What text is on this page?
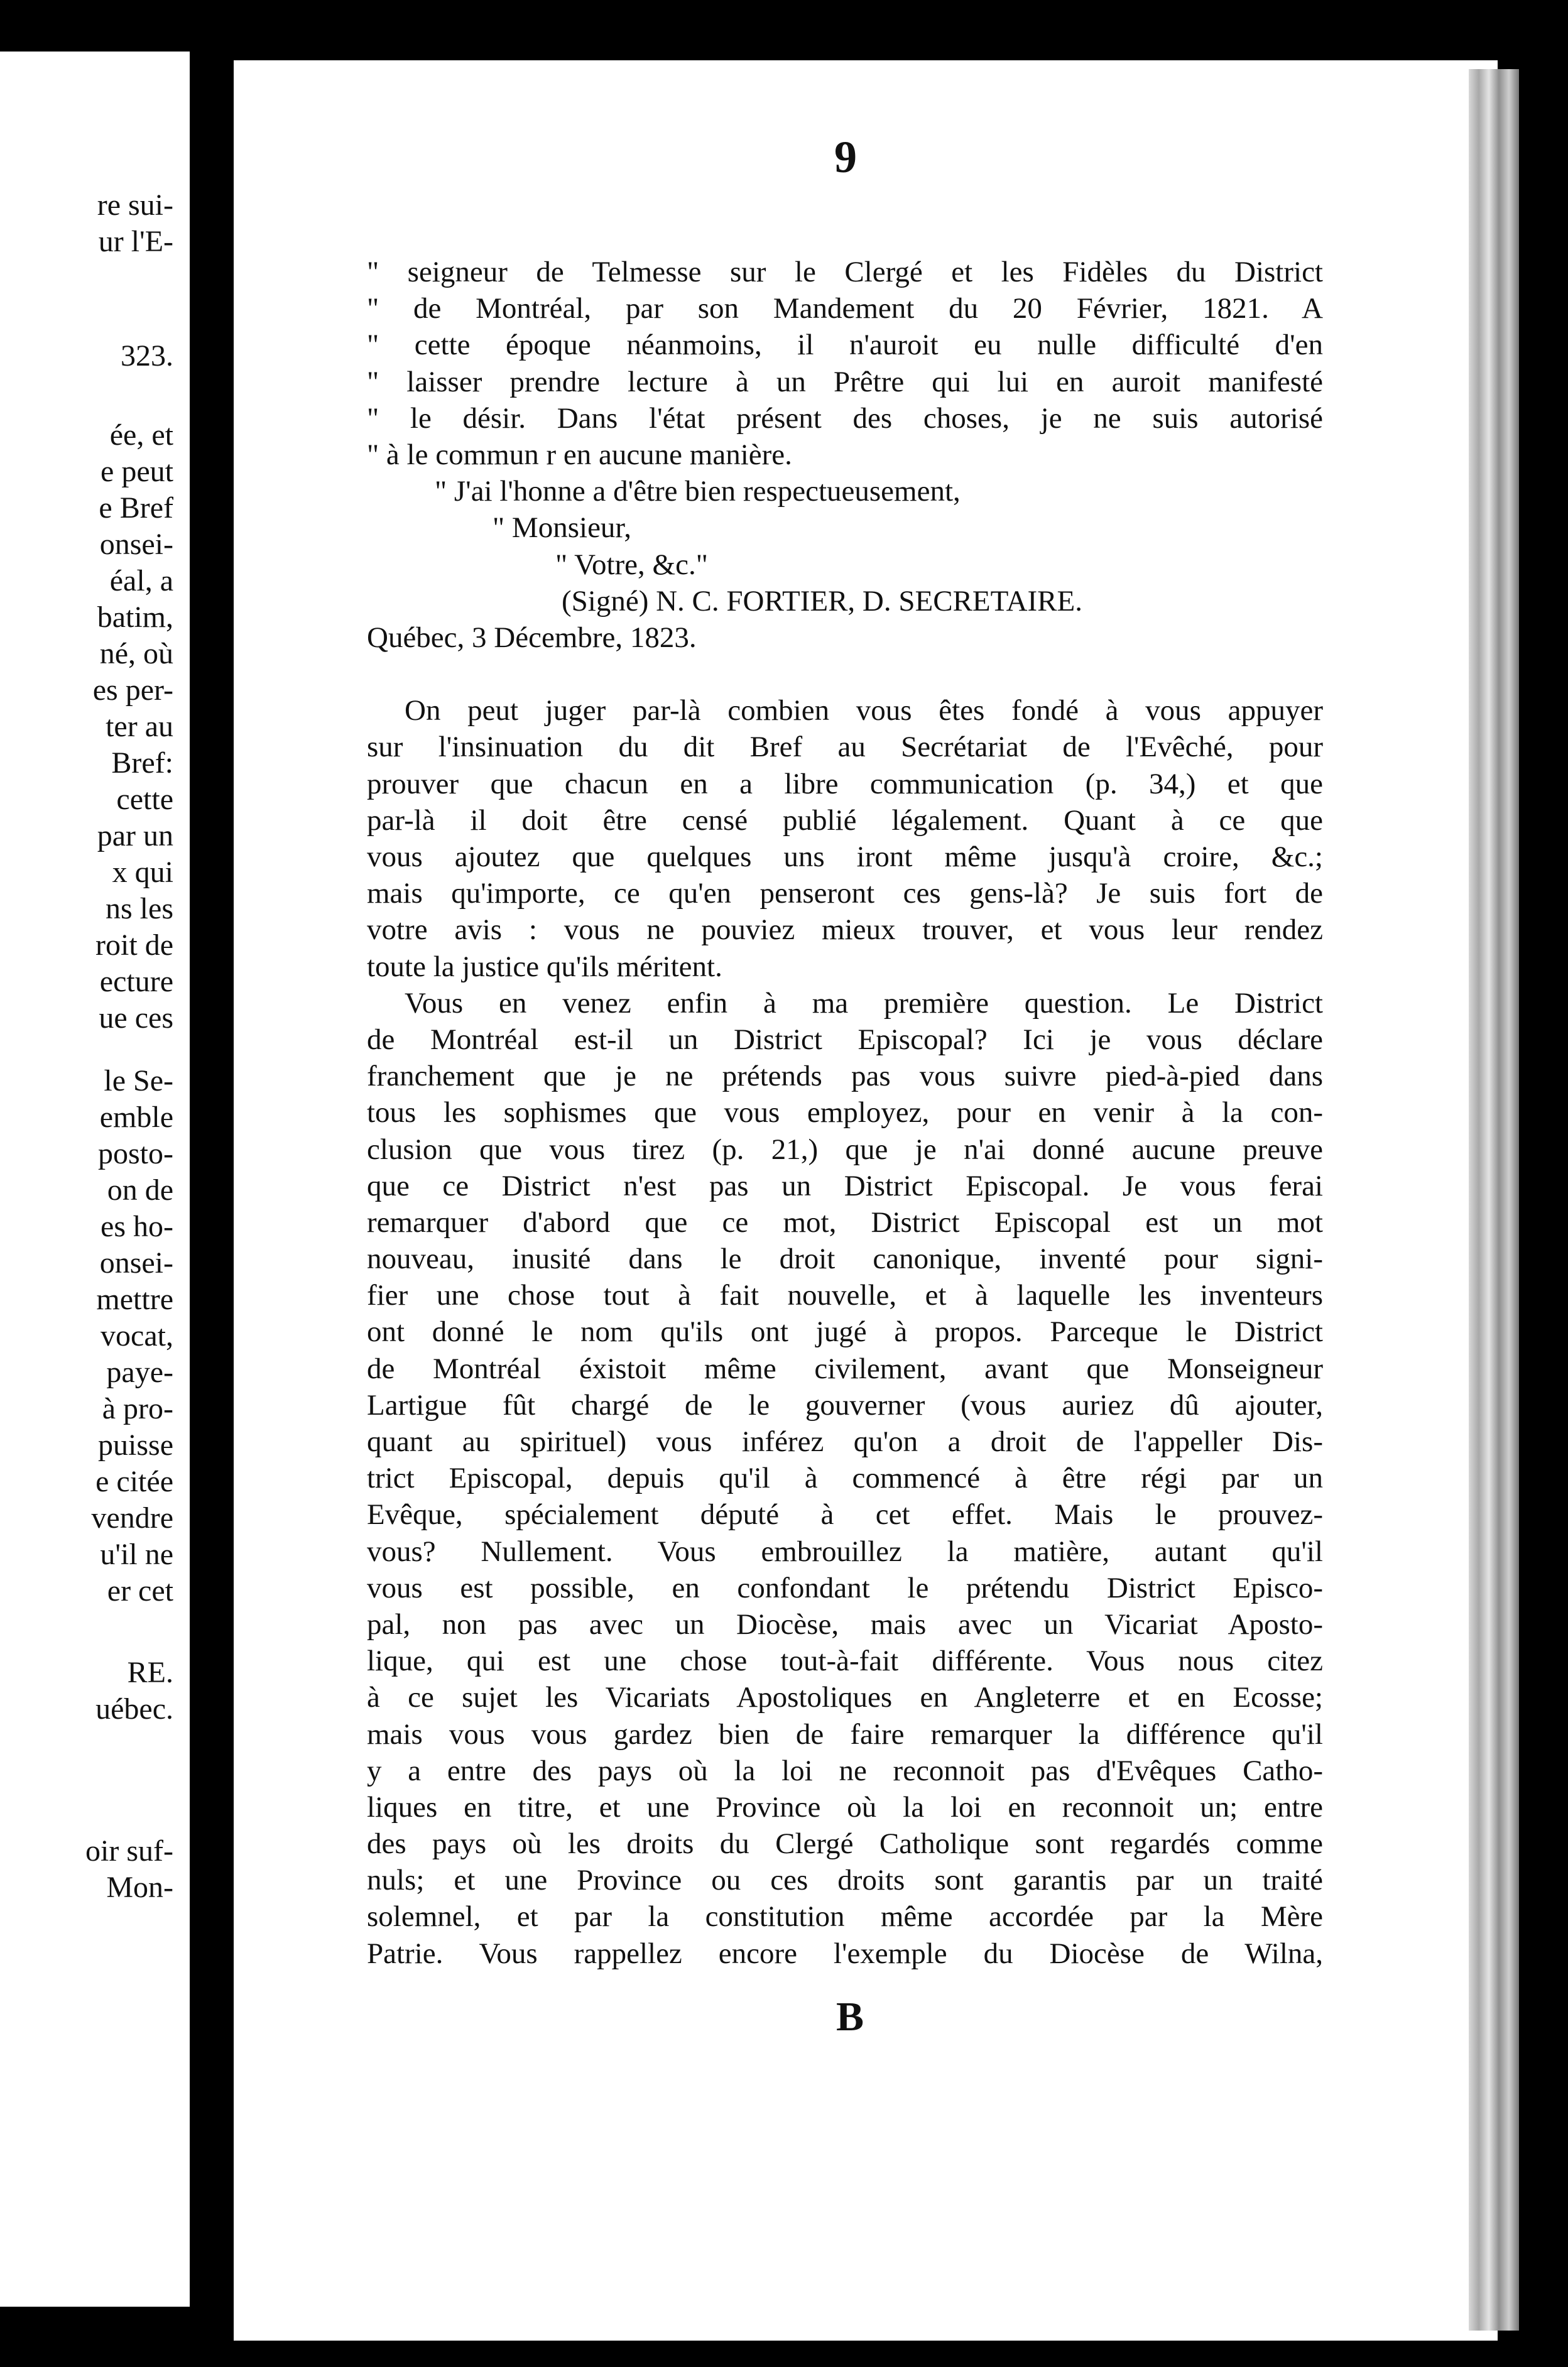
re sui-
ur l'E-
323.
ée, et
e peut
e Bref
onsei-
éal, a
batim,
né, où
es per-
ter au
Bref:
cette
par un
x qui
ns les
roit de
ecture
ue ces
le Se-
emble
posto-
on de
es ho-
onsei-
mettre
vocat,
paye-
à pro-
puisse
e citée
vendre
u'il ne
er cet
RE.
uébec.
oir suf-
Mon-
9
" seigneur de Telmesse sur le Clergé et les Fidèles du District
" de Montréal, par son Mandement du 20 Février, 1821. A
" cette époque néanmoins, il n'auroit eu nulle difficulté d'en
" laisser prendre lecture à un Prêtre qui lui en auroit manifesté
" le désir. Dans l'état présent des choses, je ne suis autorisé
" à le commun r en aucune manière.
" J'ai l'honne a d'être bien respectueusement,
" Monsieur,
" Votre, &c."
(Signé) N. C. FORTIER, D. SECRETAIRE.
Québec, 3 Décembre, 1823.
On peut juger par-là combien vous êtes fondé à vous appuyer
sur l'insinuation du dit Bref au Secrétariat de l'Evêché, pour
prouver que chacun en a libre communication (p. 34,) et que
par-là il doit être censé publié légalement. Quant à ce que
vous ajoutez que quelques uns iront même jusqu'à croire, &c.;
mais qu'importe, ce qu'en penseront ces gens-là? Je suis fort de
votre avis : vous ne pouviez mieux trouver, et vous leur rendez
toute la justice qu'ils méritent.
Vous en venez enfin à ma première question. Le District
de Montréal est-il un District Episcopal? Ici je vous déclare
franchement que je ne prétends pas vous suivre pied-à-pied dans
tous les sophismes que vous employez, pour en venir à la con-
clusion que vous tirez (p. 21,) que je n'ai donné aucune preuve
que ce District n'est pas un District Episcopal. Je vous ferai
remarquer d'abord que ce mot, District Episcopal est un mot
nouveau, inusité dans le droit canonique, inventé pour signi-
fier une chose tout à fait nouvelle, et à laquelle les inventeurs
ont donné le nom qu'ils ont jugé à propos. Parceque le District
de Montréal éxistoit même civilement, avant que Monseigneur
Lartigue fût chargé de le gouverner (vous auriez dû ajouter,
quant au spirituel) vous inférez qu'on a droit de l'appeller Dis-
trict Episcopal, depuis qu'il à commencé à être régi par un
Evêque, spécialement député à cet effet. Mais le prouvez-
vous? Nullement. Vous embrouillez la matière, autant qu'il
vous est possible, en confondant le prétendu District Episco-
pal, non pas avec un Diocèse, mais avec un Vicariat Aposto-
lique, qui est une chose tout-à-fait différente. Vous nous citez
à ce sujet les Vicariats Apostoliques en Angleterre et en Ecosse;
mais vous vous gardez bien de faire remarquer la différence qu'il
y a entre des pays où la loi ne reconnoit pas d'Evêques Catho-
liques en titre, et une Province où la loi en reconnoit un; entre
des pays où les droits du Clergé Catholique sont regardés comme
nuls; et une Province ou ces droits sont garantis par un traité
solemnel, et par la constitution même accordée par la Mère
Patrie. Vous rappellez encore l'exemple du Diocèse de Wilna,
B
